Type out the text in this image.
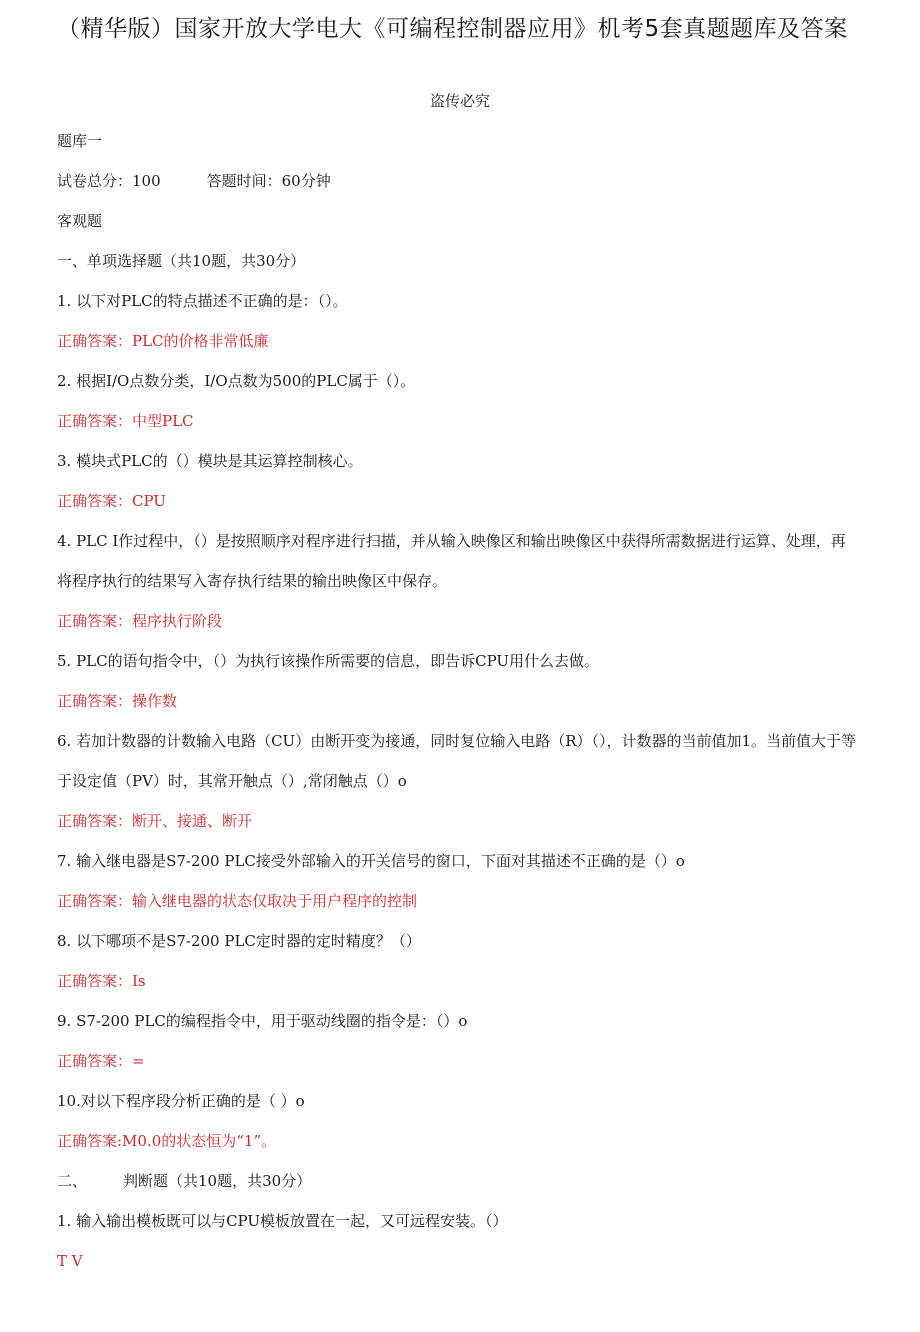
（精华版）国家开放大学电大《可编程控制器应用》机考5套真题题库及答案
盗传必究
题库一
试卷总分：100	答题时间：60分钟
客观题
一、单项选择题（共10题，共30分）
1. 以下对PLC的特点描述不正确的是：（）。
正确答案：PLC的价格非常低廉
2. 根据I/O点数分类，I/O点数为500的PLC属于（）。
正确答案：中型PLC
3. 模块式PLC的（）模块是其运算控制核心。
正确答案：CPU
4. PLC I作过程中，（）是按照顺序对程序进行扫描，并从输入映像区和输出映像区中获得所需数据进行运算、处理，再将程序执行的结果写入寄存执行结果的输出映像区中保存。
正确答案：程序执行阶段
5. PLC的语句指令中，（）为执行该操作所需要的信息，即告诉CPU用什么去做。
正确答案：操作数
6. 若加计数器的计数输入电路（CU）由断开变为接通，同时复位输入电路（R）（），计数器的当前值加1。当前值大于等于设定值（PV）时，其常开触点（）,常闭触点（）o
正确答案：断开、接通、断开
7. 输入继电器是S7-200 PLC接受外部输入的开关信号的窗口，下面对其描述不正确的是（）o
正确答案：输入继电器的状态仅取决于用户程序的控制
8. 以下哪项不是S7-200 PLC定时器的定时精度？（）
正确答案：Is
9. S7-200 PLC的编程指令中，用于驱动线圈的指令是：（）o
正确答案：=
10.对以下程序段分析正确的是（ ）o
正确答案:M0.0的状态恒为“1”。
二、 判断题（共10题，共30分）
1. 输入输出模板既可以与CPU模板放置在一起，又可远程安装。（）
T V
